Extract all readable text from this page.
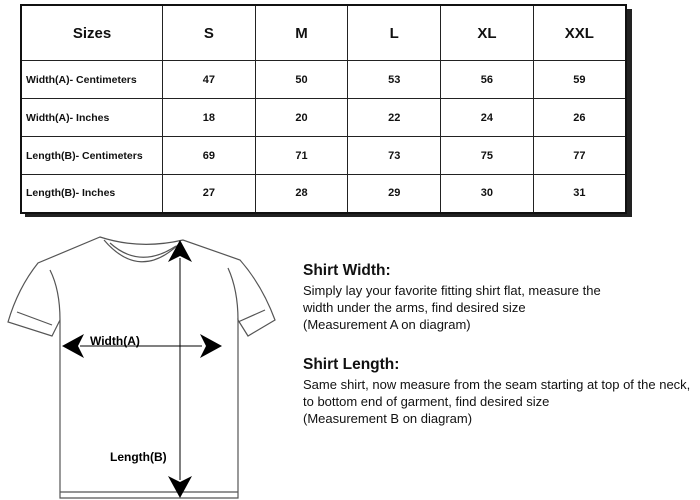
Sizes	S	M	L	XL	XXL
Width(A)- Centimeters	47	50	53	56	59
Width(A)- Inches	18	20	22	24	26
Length(B)- Centimeters	69	71	73	75	77
Length(B)- Inches	27	28	29	30	31
Width(A)
Length(B)
Shirt Width:

Simply lay your favorite fitting shirt flat, measure the
width under the arms, find desired size
(Measurement A on diagram)

Shirt Length:

Same shirt, now measure from the seam starting at top of the neck,
to bottom end of garment, find desired size
(Measurement B on diagram)
